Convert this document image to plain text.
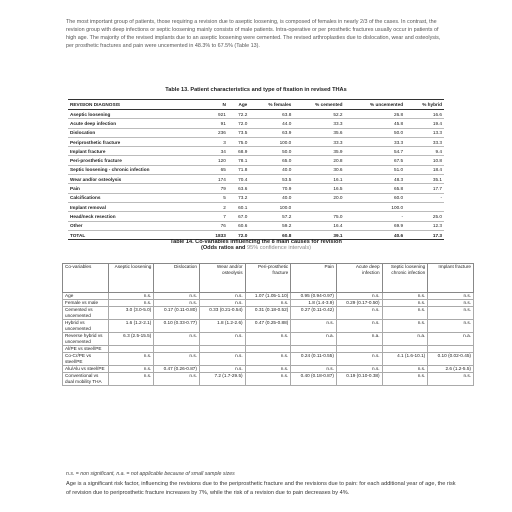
The most important group of patients, those requiring a revision due to aseptic loosening, is composed of females in nearly 2/3 of the cases. In contrast, the revision group with deep infections or septic loosening mainly consists of male patients. Intra-operative or per prosthetic fractures usually occur in patients of high age. The majority of the revised implants due to an aseptic loosening were cemented. The revised arthroplasties due to dislocation, wear and osteolysis, per prosthetic fractures and pain were uncemented in 48.3% to 67.5% (Table 13).
Table 13. Patient characteristics and type of fixation in revised THAs
REVISION DIAGNOSIS	N	Age	% females	% cemented	% uncemented	% hybrid
Aseptic loosening	921	72.2	63.8	52.2	26.8	16.6
Acute deep infection	91	72.0	44.0	33.3	45.8	19.4
Dislocation	236	73.5	63.9	35.6	50.0	13.3
Periprosthetic fracture	3	75.0	100.0	33.3	33.3	33.3
Implant fracture	34	68.9	50.0	35.9	54.7	9.4
Peri-prosthetic fracture	120	78.1	65.0	20.8	67.5	10.8
Septic loosening - chronic infection	65	71.8	40.0	30.6	51.0	18.4
Wear and/or osteolysis	174	70.4	53.5	16.1	48.3	35.1
Pain	79	63.6	70.9	16.5	65.8	17.7
Calcifications	5	73.2	40.0	20.0	60.0	-
Implant removal	2	60.1	100.0		100.0	
Head/neck resection	7	67.0	57.2	75.0	-	25.0
Other	76	60.6	59.2	16.4	69.9	12.3
TOTAL	1833	72.0	60.8	39.1	40.6	17.3
Table 14. Co-variables influencing the 8 main causes for revision
(Odds ratios and 95% confidence intervals)
Co-variables	Aseptic loosening	Dislocation	Wear and/or osteolysis	Peri-prosthetic fracture	Pain	Acute deep infection	Septic loosening chronic infection	Implant fracture
Age	n.s.	n.s.	n.s.	1.07 (1.05-1.10)	0.95 (0.94-0.97)	n.s.	n.s.	n.s.
Female vs male	n.s.	n.s.	n.s.	n.s.	1.8 (1.4-3.9)	0.29 (0.17-0.50)	n.s.	n.s.
Cemented vs uncemented	3.0 (3.0-5.0)	0.17 (0.11-0.80)	0.33 (0.21-0.54)	0.31 (0.18-0.52)	0.27 (0.11-0.42)	n.s.	n.s.	n.s.
Hybrid vs uncemented	1.6 (1.2-2.1)	0.10 (0.33-0.77)	1.8 (1.2-2.6)	0.47 (0.25-0.88)	n.s.	n.s.	n.s.	n.s.
Reverse hybrid vs uncemented	6.3 (2.5-15.5)	n.s.	n.s.	n.s.	n.a.	n.a.	n.a.	n.a.
Al/PE vs steel/PE								
Co-Cr/PE vs steel/PE	n.s.	n.s.	n.s.	n.s.	0.24 (0.11-0.55)	n.s.	4.1 (1.6-10.1)	0.10 (0.02-0.45)
Alu/Alu vs steel/PE	n.s.	0.47 (0.26-0.87)	n.s.	n.s.	n.s.	n.s.	n.s.	2.6 (1.2-5.5)
Conventional vs dual mobility THA	n.s.	n.s.	7.2 (1.7-29.5)	n.s.	0.40 (0.18-0.87)	0.19 (0.10-0.38)	n.s.	n.s.
n.s. = non significant, n.a. = not applicable because of small sample sizes
Age is a significant risk factor, influencing the revisions due to the periprosthetic fracture and the revisions due to pain: for each additional year of age, the risk of revision due to periprosthetic fracture increases by 7%, while the risk of a revision due to pain decreases by 4%.
